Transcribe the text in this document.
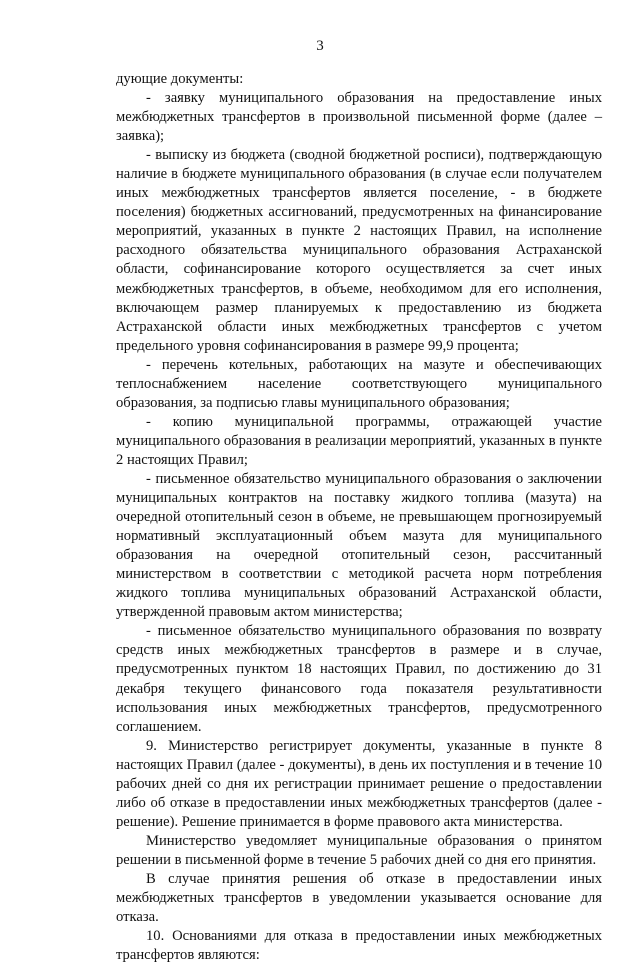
3

дующие документы:

- заявку муниципального образования на предоставление иных межбюджетных трансфертов в произвольной письменной форме (далее – заявка);

- выписку из бюджета (сводной бюджетной росписи), подтверждающую наличие в бюджете муниципального образования (в случае если получателем иных межбюджетных трансфертов является поселение, - в бюджете поселения) бюджетных ассигнований, предусмотренных на финансирование мероприятий, указанных в пункте 2 настоящих Правил, на исполнение расходного обязательства муниципального образования Астраханской области, софинансирование которого осуществляется за счет иных межбюджетных трансфертов, в объеме, необходимом для его исполнения, включающем размер планируемых к предоставлению из бюджета Астраханской области иных межбюджетных трансфертов с учетом предельного уровня софинансирования в размере 99,9 процента;

- перечень котельных, работающих на мазуте и обеспечивающих теплоснабжением население соответствующего муниципального образования, за подписью главы муниципального образования;

- копию муниципальной программы, отражающей участие муниципального образования в реализации мероприятий, указанных в пункте 2 настоящих Правил;

- письменное обязательство муниципального образования о заключении муниципальных контрактов на поставку жидкого топлива (мазута) на очередной отопительный сезон в объеме, не превышающем прогнозируемый нормативный эксплуатационный объем мазута для муниципального образования на очередной отопительный сезон, рассчитанный министерством в соответствии с методикой расчета норм потребления жидкого топлива муниципальных образований Астраханской области, утвержденной правовым актом министерства;

- письменное обязательство муниципального образования по возврату средств иных межбюджетных трансфертов в размере и в случае, предусмотренных пунктом 18 настоящих Правил, по достижению до 31 декабря текущего финансового года показателя результативности использования иных межбюджетных трансфертов, предусмотренного соглашением.

9. Министерство регистрирует документы, указанные в пункте 8 настоящих Правил (далее - документы), в день их поступления и в течение 10 рабочих дней со дня их регистрации принимает решение о предоставлении либо об отказе в предоставлении иных межбюджетных трансфертов (далее - решение). Решение принимается в форме правового акта министерства.

Министерство уведомляет муниципальные образования о принятом решении в письменной форме в течение 5 рабочих дней со дня его принятия.

В случае принятия решения об отказе в предоставлении иных межбюджетных трансфертов в уведомлении указывается основание для отказа.

10. Основаниями для отказа в предоставлении иных межбюджетных трансфертов являются:
